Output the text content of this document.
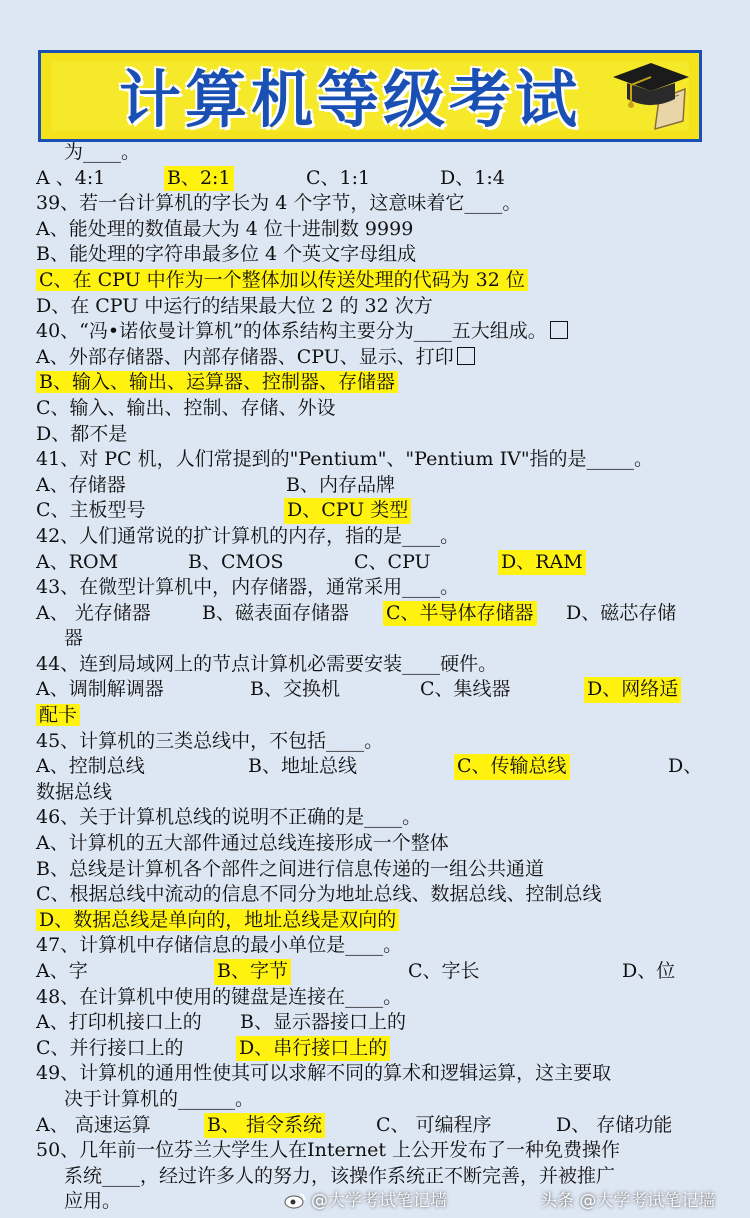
计算机等级考试
为____。
A 、4:1	B、2:1	C、1:1	D、1:4
39、若一台计算机的字长为 4 个字节，这意味着它____。
A、能处理的数值最大为 4 位十进制数 9999
B、能处理的字符串最多位 4 个英文字母组成
C、在 CPU 中作为一个整体加以传送处理的代码为 32 位
D、在 CPU 中运行的结果最大位 2 的 32 次方
40、“冯•诺依曼计算机”的体系结构主要分为____五大组成。
A、外部存储器、内部存储器、CPU、显示、打印
B、输入、输出、运算器、控制器、存储器
C、输入、输出、控制、存储、外设
D、都不是
41、对 PC 机，人们常提到的"Pentium"、"Pentium IV"指的是_____。
A、存储器	B、内存品牌
C、主板型号	D、CPU 类型
42、人们通常说的扩计算机的内存，指的是____。
A、ROM	B、CMOS	C、CPU	D、RAM
43、在微型计算机中，内存储器，通常采用____。
A、 光存储器	B、磁表面存储器 C、半导体存储器 D、磁芯存储
器
44、连到局域网上的节点计算机必需要安装____硬件。
A、调制解调器	B、交换机	C、集线器	D、网络适
配卡
45、计算机的三类总线中，不包括____。
A、控制总线	B、地址总线	C、传输总线	D、
数据总线
46、关于计算机总线的说明不正确的是____。
A、计算机的五大部件通过总线连接形成一个整体
B、总线是计算机各个部件之间进行信息传递的一组公共通道
C、根据总线中流动的信息不同分为地址总线、数据总线、控制总线
D、数据总线是单向的，地址总线是双向的
47、计算机中存储信息的最小单位是____。
A、字	B、字节	C、字长	D、位
48、在计算机中使用的键盘是连接在____。
A、打印机接口上的 B、显示器接口上的
C、并行接口上的	D、串行接口上的
49、计算机的通用性使其可以求解不同的算术和逻辑运算，这主要取
决于计算机的______。
A、 高速运算	B、 指令系统	C、 可编程序	D、 存储功能
50、几年前一位芬兰大学生人在Internet 上公开发布了一种免费操作
系统____，经过许多人的努力，该操作系统正不断完善，并被推广
应用。	@大学考试笔记墙	头条 @大学考试笔记墙
